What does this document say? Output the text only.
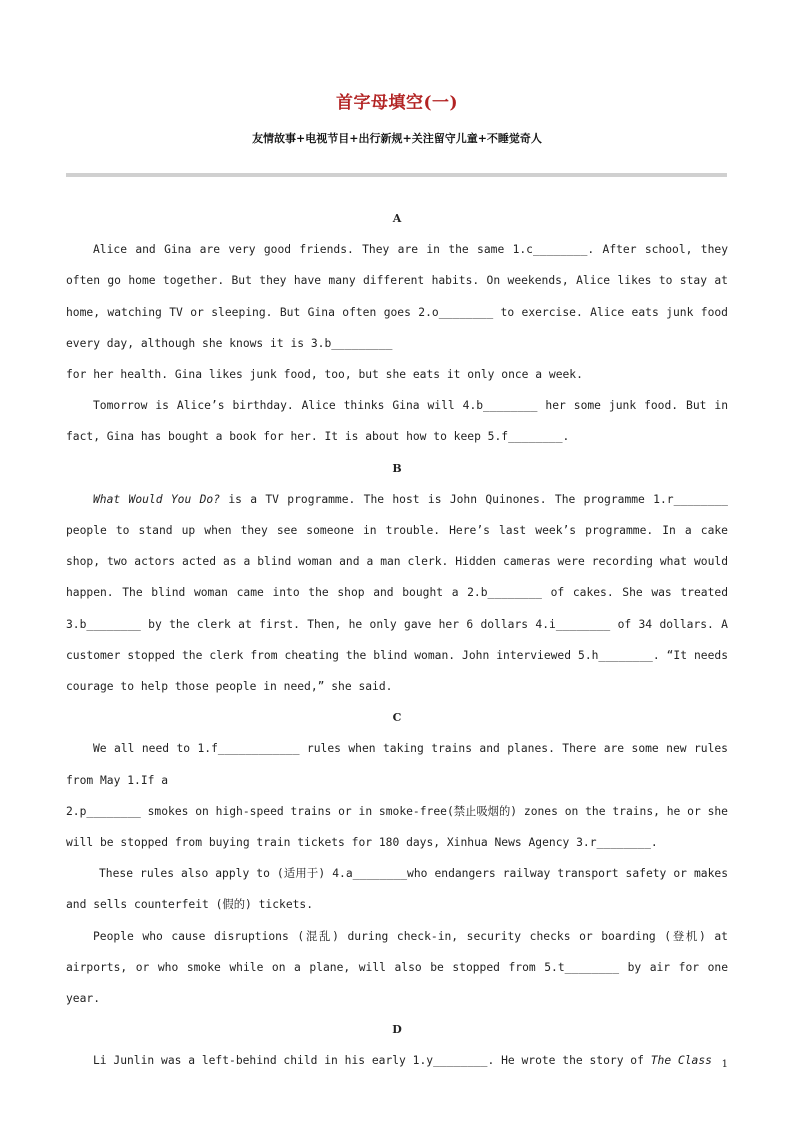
首字母填空(一)
友情故事+电视节目+出行新规+关注留守儿童+不睡觉奇人
A
Alice and Gina are very good friends. They are in the same 1.c________. After school, they often go home together. But they have many different habits. On weekends, Alice likes to stay at home, watching TV or sleeping. But Gina often goes 2.o________ to exercise. Alice eats junk food every day, although she knows it is 3.b_________
for her health. Gina likes junk food, too, but she eats it only once a week.
Tomorrow is Alice’s birthday. Alice thinks Gina will 4.b________ her some junk food. But in fact, Gina has bought a book for her. It is about how to keep 5.f________.
B
What Would You Do? is a TV programme. The host is John Quinones. The programme 1.r________ people to stand up when they see someone in trouble. Here’s last week’s programme. In a cake shop, two actors acted as a blind woman and a man clerk. Hidden cameras were recording what would happen. The blind woman came into the shop and bought a 2.b________ of cakes. She was treated 3.b________ by the clerk at first. Then, he only gave her 6 dollars 4.i________ of 34 dollars. A customer stopped the clerk from cheating the blind woman. John interviewed 5.h________. “It needs courage to help those people in need,” she said.
C
We all need to 1.f____________ rules when taking trains and planes. There are some new rules from May 1.If a
2.p________ smokes on high-speed trains or in smoke-free(禁止吸烟的) zones on the trains, he or she will be stopped from buying train tickets for 180 days, Xinhua News Agency 3.r________.
These rules also apply to (适用于) 4.a________who endangers railway transport safety or makes and sells counterfeit (假的) tickets.
People who cause disruptions (混乱) during check-in, security checks or boarding (登机) at airports, or who smoke while on a plane, will also be stopped from 5.t________ by air for one year.
D
Li Junlin was a left-behind child in his early 1.y________. He wrote the story of The Class 1
